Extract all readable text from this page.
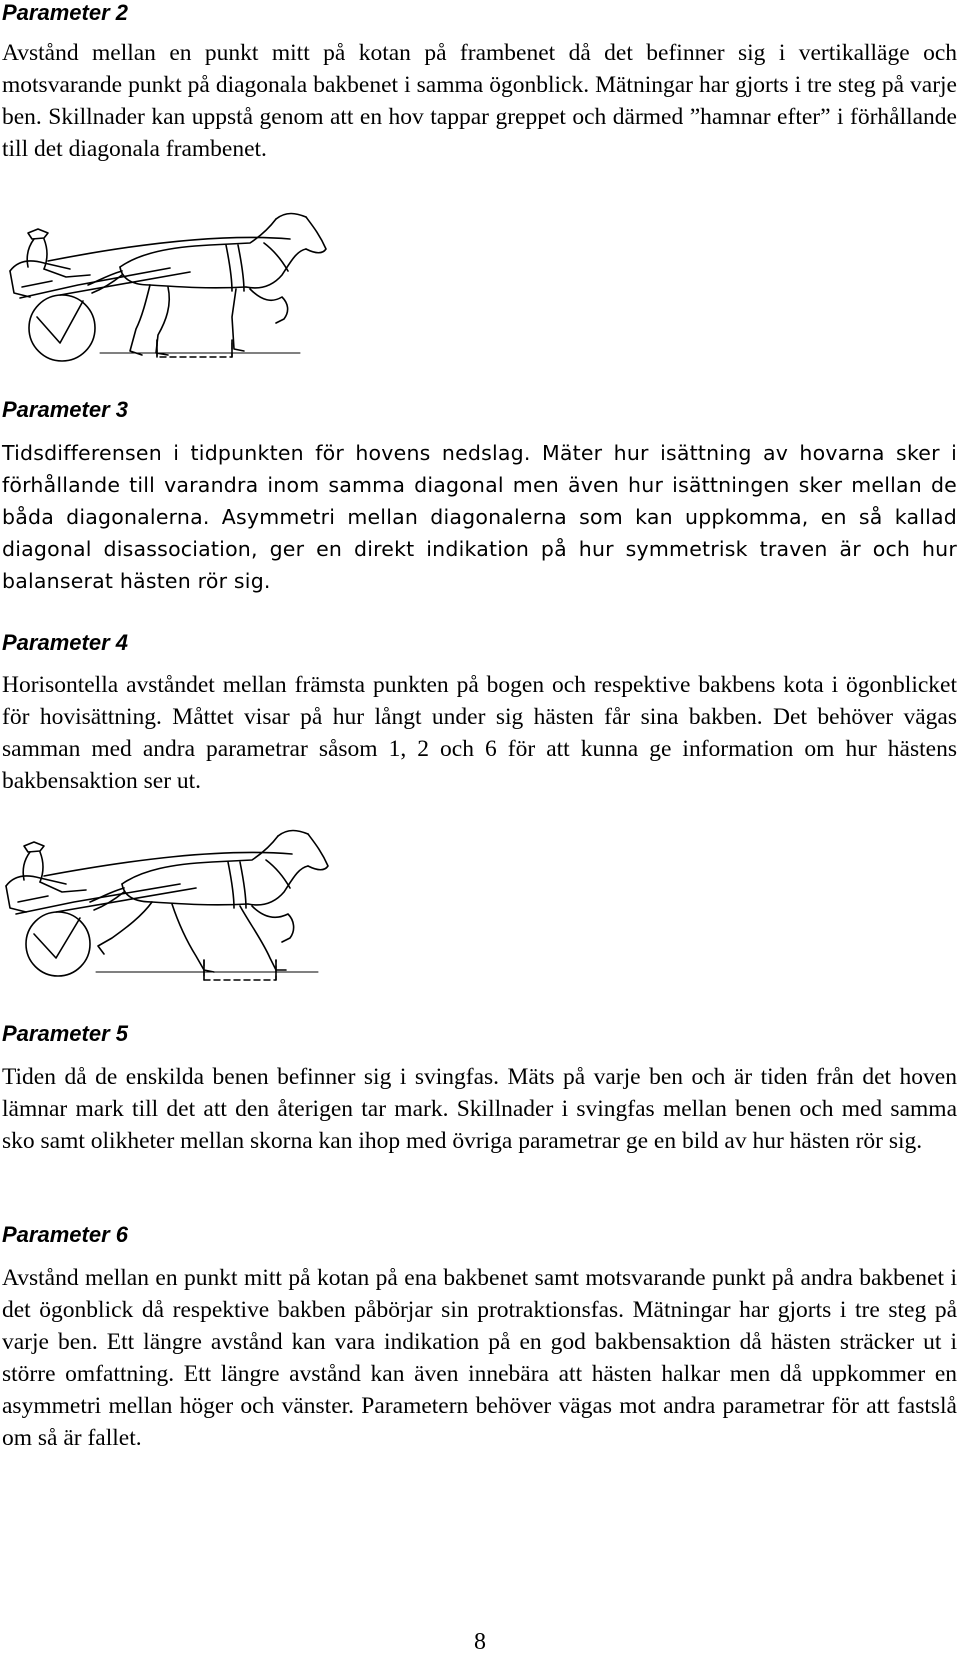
Parameter 2

Avstånd mellan en punkt mitt på kotan på frambenet då det befinner sig i vertikalläge och motsvarande punkt på diagonala bakbenet i samma ögonblick. Mätningar har gjorts i tre steg på varje ben. Skillnader kan uppstå genom att en hov tappar greppet och därmed ”hamnar efter” i förhållande till det diagonala frambenet.

Parameter 3

Tidsdifferensen i tidpunkten för hovens nedslag. Mäter hur isättning av hovarna sker i förhållande till varandra inom samma diagonal men även hur isättningen sker mellan de båda diagonalerna. Asymmetri mellan diagonalerna som kan uppkomma, en så kallad diagonal disassociation, ger en direkt indikation på hur symmetrisk traven är och hur balanserat hästen rör sig.

Parameter 4

Horisontella avståndet mellan främsta punkten på bogen och respektive bakbens kota i ögonblicket för hovisättning. Måttet visar på hur långt under sig hästen får sina bakben. Det behöver vägas samman med andra parametrar såsom 1, 2 och 6 för att kunna ge information om hur hästens bakbensaktion ser ut.

Parameter 5

Tiden då de enskilda benen befinner sig i svingfas. Mäts på varje ben och är tiden från det hoven lämnar mark till det att den återigen tar mark. Skillnader i svingfas mellan benen och med samma sko samt olikheter mellan skorna kan ihop med övriga parametrar ge en bild av hur hästen rör sig.

Parameter 6

Avstånd mellan en punkt mitt på kotan på ena bakbenet samt motsvarande punkt på andra bakbenet i det ögonblick då respektive bakben påbörjar sin protraktionsfas. Mätningar har gjorts i tre steg på varje ben. Ett längre avstånd kan vara indikation på en god bakbensaktion då hästen sträcker ut i större omfattning. Ett längre avstånd kan även innebära att hästen halkar men då uppkommer en asymmetri mellan höger och vänster. Parametern behöver vägas mot andra parametrar för att fastslå om så är fallet.

8
